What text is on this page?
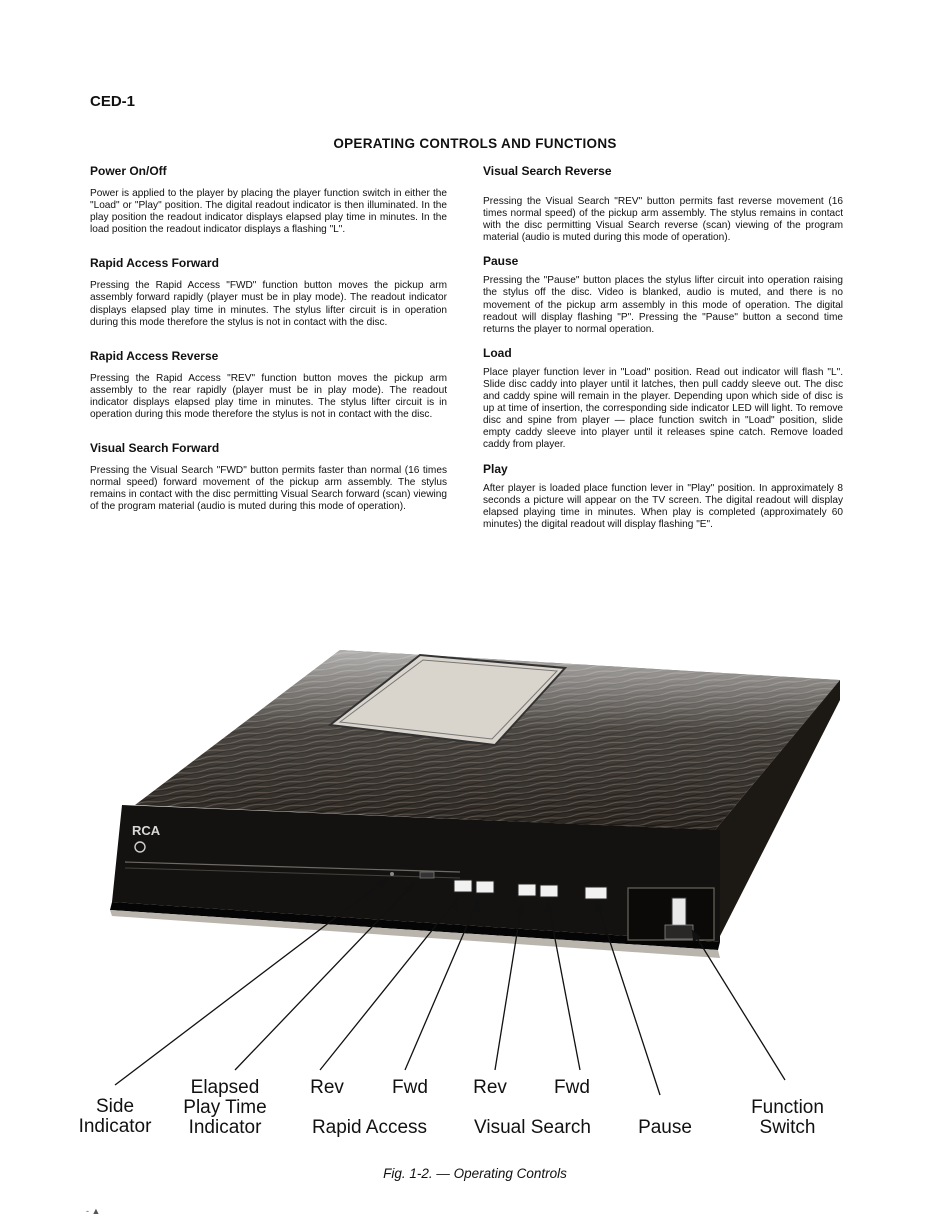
CED-1
OPERATING CONTROLS AND FUNCTIONS
Power On/Off

Power is applied to the player by placing the player function switch in either the "Load" or "Play" position. The digital readout indicator is then illuminated. In the play position the readout indicator displays elapsed play time in minutes. In the load position the readout indicator displays a flashing "L".

Rapid Access Forward

Pressing the Rapid Access "FWD" function button moves the pickup arm assembly forward rapidly (player must be in play mode). The readout indicator displays elapsed play time in minutes. The stylus lifter circuit is in operation during this mode therefore the stylus is not in contact with the disc.

Rapid Access Reverse

Pressing the Rapid Access "REV" function button moves the pickup arm assembly to the rear rapidly (player must be in play mode). The readout indicator displays elapsed play time in minutes. The stylus lifter circuit is in operation during this mode therefore the stylus is not in contact with the disc.

Visual Search Forward

Pressing the Visual Search "FWD" button permits faster than normal (16 times normal speed) forward movement of the pickup arm assembly. The stylus remains in contact with the disc permitting Visual Search forward (scan) viewing of the program material (audio is muted during this mode of operation).

Visual Search Reverse

Pressing the Visual Search "REV" button permits fast reverse movement (16 times normal speed) of the pickup arm assembly. The stylus remains in contact with the disc permitting Visual Search reverse (scan) viewing of the program material (audio is muted during this mode of operation).

Pause

Pressing the "Pause" button places the stylus lifter circuit into operation raising the stylus off the disc. Video is blanked, audio is muted, and there is no movement of the pickup arm assembly in this mode of operation. The digital readout will display flashing "P". Pressing the "Pause" button a second time returns the player to normal operation.

Load

Place player function lever in "Load" position. Read out indicator will flash "L". Slide disc caddy into player until it latches, then pull caddy sleeve out. The disc and caddy spine will remain in the player. Depending upon which side of disc is up at time of insertion, the corresponding side indicator LED will light. To remove disc and spine from player — place function switch in "Load" position, slide empty caddy sleeve into player until it releases spine catch. Remove loaded caddy from player.

Play

After player is loaded place function lever in "Play" position. In approximately 8 seconds a picture will appear on the TV screen. The digital readout will display elapsed playing time in minutes. When play is completed (approximately 60 minutes) the digital readout will display flashing "E".

RCA
Side
Indicator
Elapsed
Play Time
Indicator
Rev	Fwd
Rapid Access
Rev	Fwd
Visual Search	Pause
Function
Switch
Fig. 1-2. — Operating Controls
- ▲
